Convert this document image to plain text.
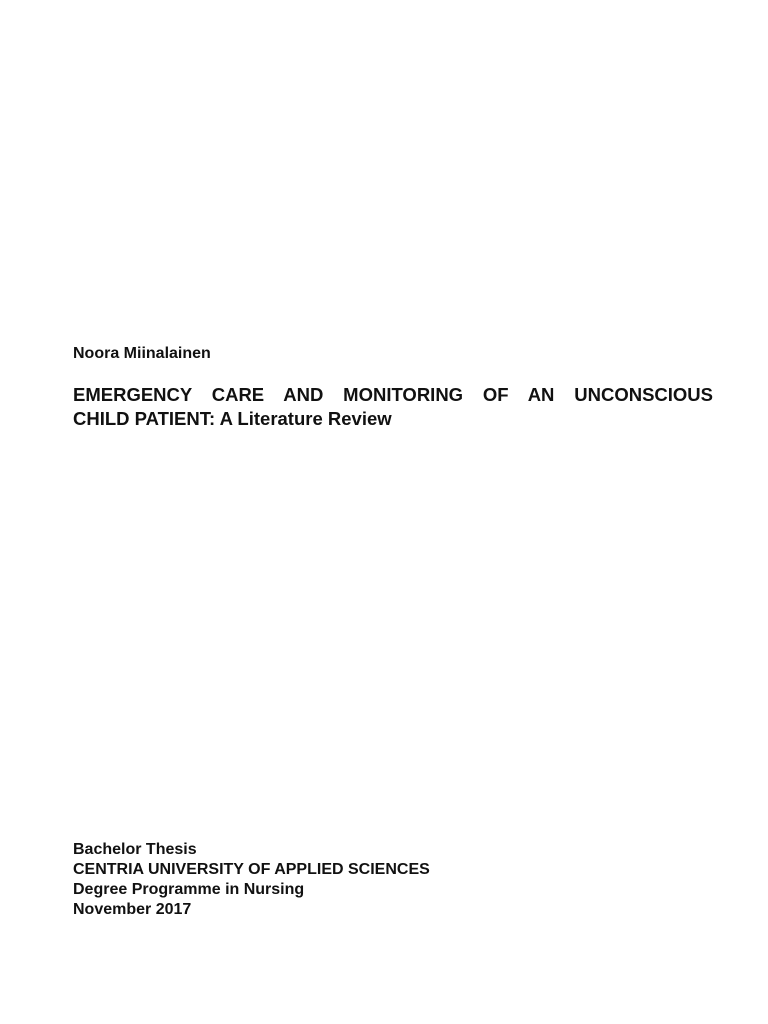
Noora Miinalainen
EMERGENCY CARE AND MONITORING OF AN UNCONSCIOUS
CHILD PATIENT: A Literature Review
Bachelor Thesis
CENTRIA UNIVERSITY OF APPLIED SCIENCES
Degree Programme in Nursing
November 2017
